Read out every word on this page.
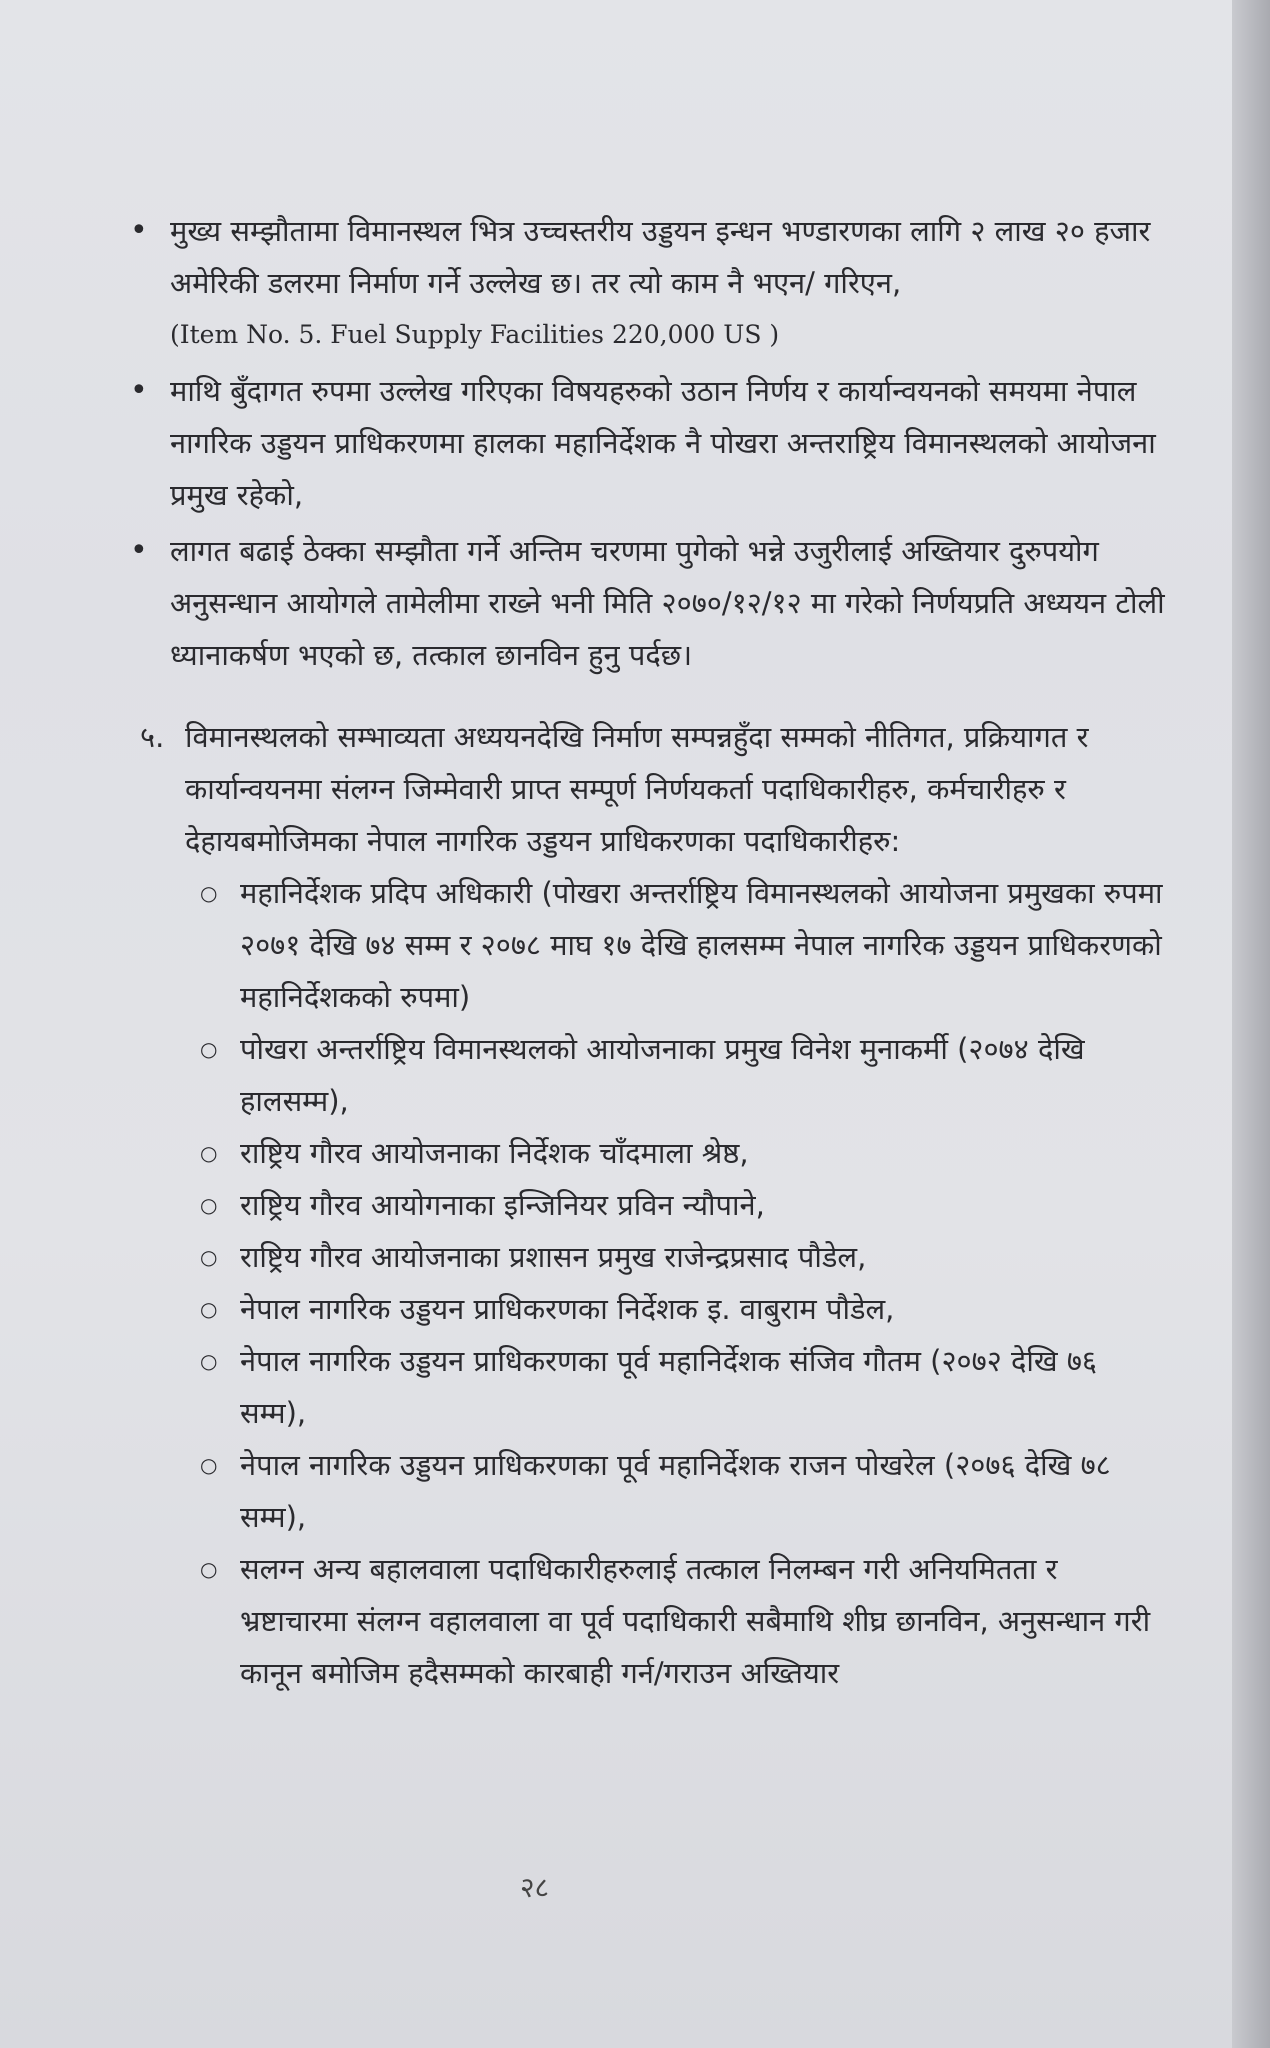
• मुख्य सम्झौतामा विमानस्थल भित्र उच्चस्तरीय उड्डयन इन्धन भण्डारणका लागि २ लाख २० हजार अमेरिकी डलरमा निर्माण गर्ने उल्लेख छ। तर त्यो काम नै भएन/ गरिएन,
(Item No. 5. Fuel Supply Facilities 220,000 US )
• माथि बुँदागत रुपमा उल्लेख गरिएका विषयहरुको उठान निर्णय र कार्यान्वयनको समयमा नेपाल नागरिक उड्डयन प्राधिकरणमा हालका महानिर्देशक नै पोखरा अन्तराष्ट्रिय विमानस्थलको आयोजना प्रमुख रहेको,
• लागत बढाई ठेक्का सम्झौता गर्ने अन्तिम चरणमा पुगेको भन्ने उजुरीलाई अख्तियार दुरुपयोग अनुसन्धान आयोगले तामेलीमा राख्ने भनी मिति २०७०/१२/१२ मा गरेको निर्णयप्रति अध्ययन टोली ध्यानाकर्षण भएको छ, तत्काल छानविन हुनु पर्दछ।
५. विमानस्थलको सम्भाव्यता अध्ययनदेखि निर्माण सम्पन्नहुँदा सम्मको नीतिगत, प्रक्रियागत र कार्यान्वयनमा संलग्न जिम्मेवारी प्राप्त सम्पूर्ण निर्णयकर्ता पदाधिकारीहरु, कर्मचारीहरु र देहायबमोजिमका नेपाल नागरिक उड्डयन प्राधिकरणका पदाधिकारीहरु:
○ महानिर्देशक प्रदिप अधिकारी (पोखरा अन्तर्राष्ट्रिय विमानस्थलको आयोजना प्रमुखका रुपमा २०७१ देखि ७४ सम्म र २०७८ माघ १७ देखि हालसम्म नेपाल नागरिक उड्डयन प्राधिकरणको महानिर्देशकको रुपमा)
○ पोखरा अन्तर्राष्ट्रिय विमानस्थलको आयोजनाका प्रमुख विनेश मुनाकर्मी (२०७४ देखि हालसम्म),
○ राष्ट्रिय गौरव आयोजनाका निर्देशक चाँदमाला श्रेष्ठ,
○ राष्ट्रिय गौरव आयोगनाका इन्जिनियर प्रविन न्यौपाने,
○ राष्ट्रिय गौरव आयोजनाका प्रशासन प्रमुख राजेन्द्रप्रसाद पौडेल,
○ नेपाल नागरिक उड्डयन प्राधिकरणका निर्देशक इ. वाबुराम पौडेल,
○ नेपाल नागरिक उड्डयन प्राधिकरणका पूर्व महानिर्देशक संजिव गौतम (२०७२ देखि ७६ सम्म),
○ नेपाल नागरिक उड्डयन प्राधिकरणका पूर्व महानिर्देशक राजन पोखरेल (२०७६ देखि ७८ सम्म),
○ सलग्न अन्य बहालवाला पदाधिकारीहरुलाई तत्काल निलम्बन गरी अनियमितता र भ्रष्टाचारमा संलग्न वहालवाला वा पूर्व पदाधिकारी सबैमाथि शीघ्र छानविन, अनुसन्धान गरी कानून बमोजिम हदैसम्मको कारबाही गर्न/गराउन अख्तियार
२८
